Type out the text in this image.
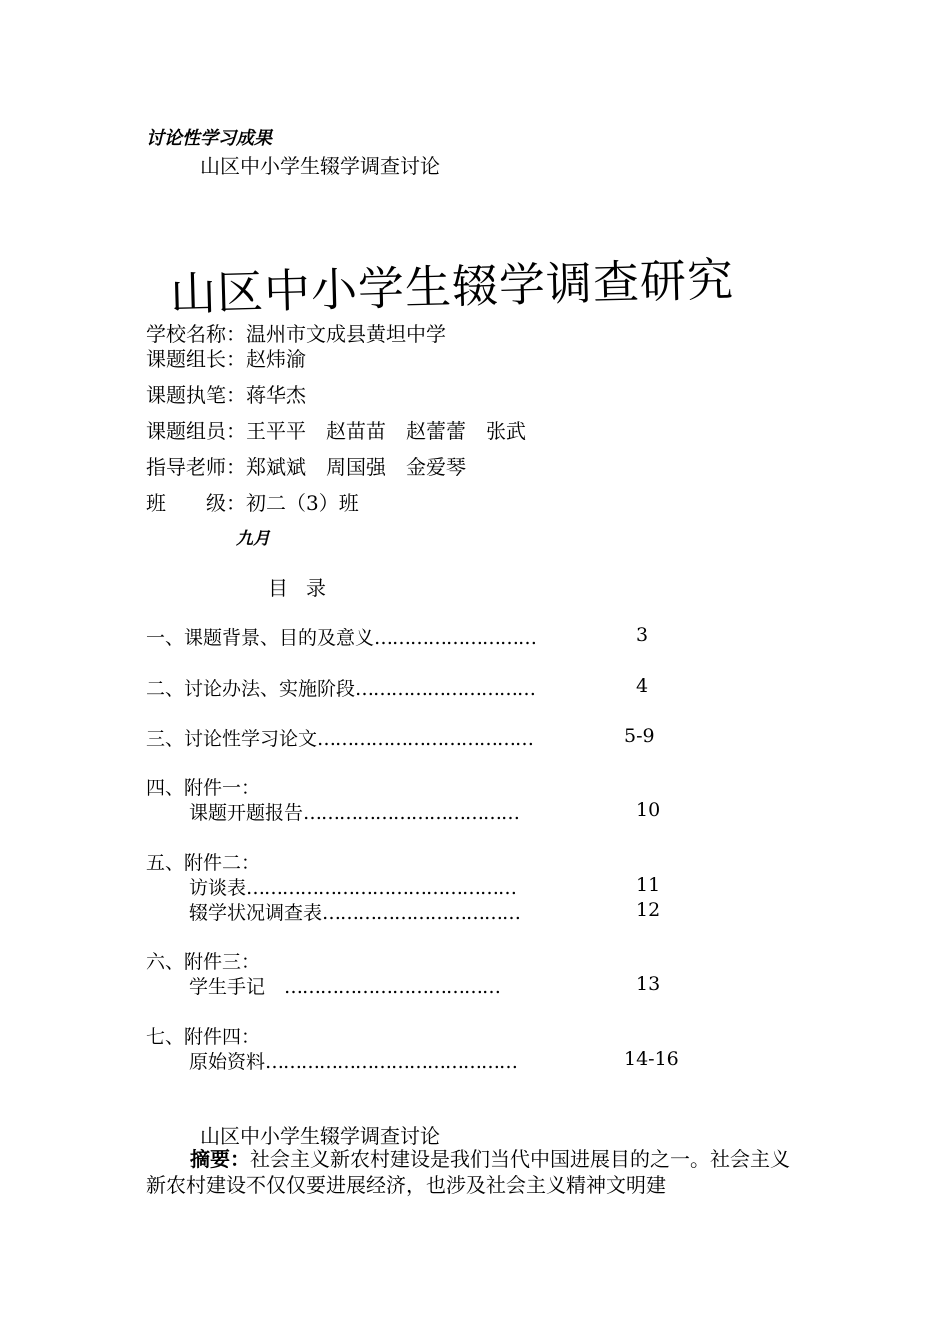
讨论性学习成果
山区中小学生辍学调查讨论
山区中小学生辍学调查研究
学校名称：温州市文成县黄坦中学
课题组长：赵炜渝
课题执笔：蒋华杰
课题组员：王平平　赵苗苗　赵蕾蕾　张武
指导老师：郑斌斌　周国强　金爱琴
班　　级：初二（3）班
九月
目录
一、课题背景、目的及意义………………………	3
二、讨论办法、实施阶段…………………………	4
三、讨论性学习论文………………………………	5-9
四、附件一：
课题开题报告………………………………	10
五、附件二：
访谈表………………………………………	11
辍学状况调查表……………………………	12
六、附件三：
学生手记　………………………………	13
七、附件四：
原始资料……………………………………	14-16
山区中小学生辍学调查讨论
摘要：社会主义新农村建设是我们当代中国进展目的之一。社会主义新农村建设不仅仅要进展经济，也涉及社会主义精神文明建
